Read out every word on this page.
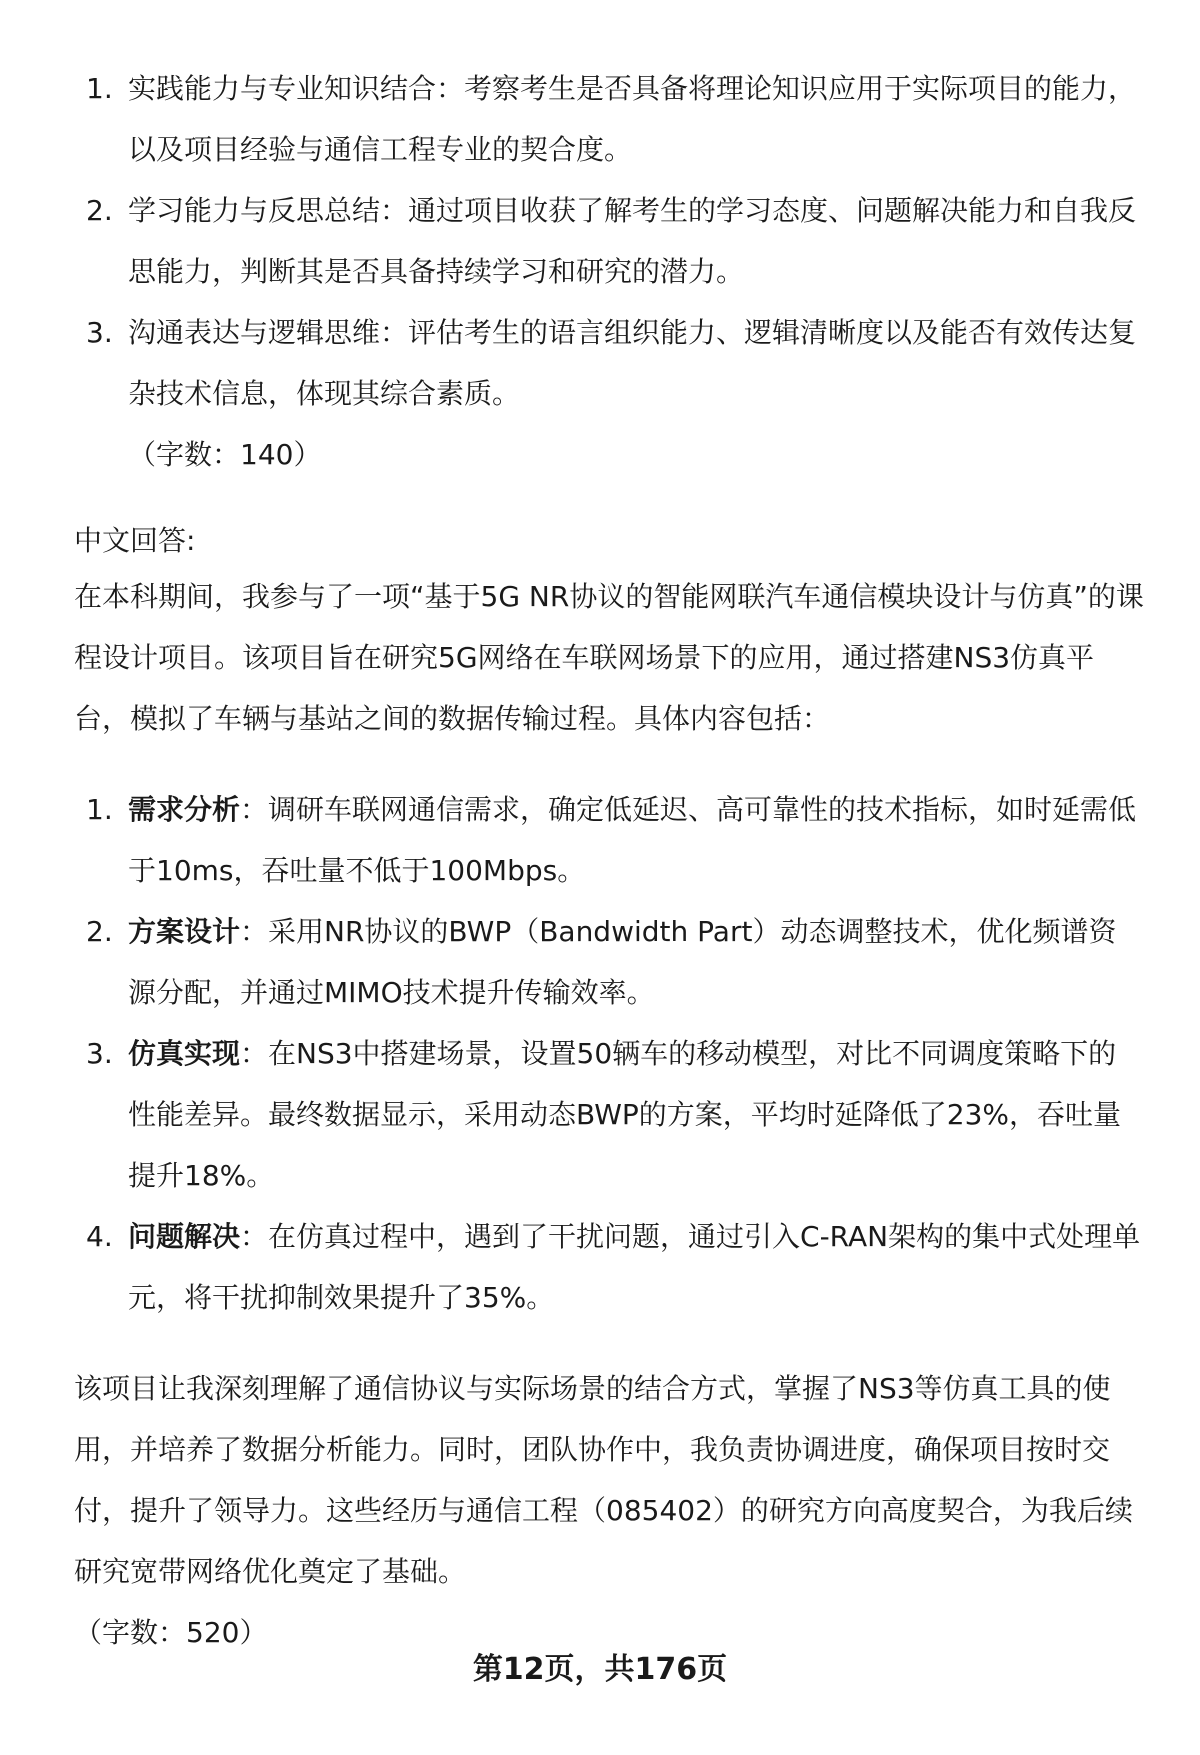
1. 实践能力与专业知识结合：考察考生是否具备将理论知识应用于实际项目的能力，以及项目经验与通信工程专业的契合度。
2. 学习能力与反思总结：通过项目收获了解考生的学习态度、问题解决能力和自我反思能力，判断其是否具备持续学习和研究的潜力。
3. 沟通表达与逻辑思维：评估考生的语言组织能力、逻辑清晰度以及能否有效传达复杂技术信息，体现其综合素质。
（字数：140）
中文回答:

在本科期间，我参与了一项“基于5G NR协议的智能网联汽车通信模块设计与仿真”的课程设计项目。该项目旨在研究5G网络在车联网场景下的应用，通过搭建NS3仿真平台，模拟了车辆与基站之间的数据传输过程。具体内容包括：

1. 需求分析：调研车联网通信需求，确定低延迟、高可靠性的技术指标，如时延需低于10ms，吞吐量不低于100Mbps。
2. 方案设计：采用NR协议的BWP（Bandwidth Part）动态调整技术，优化频谱资源分配，并通过MIMO技术提升传输效率。
3. 仿真实现：在NS3中搭建场景，设置50辆车的移动模型，对比不同调度策略下的性能差异。最终数据显示，采用动态BWP的方案，平均时延降低了23%，吞吐量提升18%。
4. 问题解决：在仿真过程中，遇到了干扰问题，通过引入C-RAN架构的集中式处理单元，将干扰抑制效果提升了35%。

该项目让我深刻理解了通信协议与实际场景的结合方式，掌握了NS3等仿真工具的使用，并培养了数据分析能力。同时，团队协作中，我负责协调进度，确保项目按时交付，提升了领导力。这些经历与通信工程（085402）的研究方向高度契合，为我后续研究宽带网络优化奠定了基础。

（字数：520）
第12页，共176页
